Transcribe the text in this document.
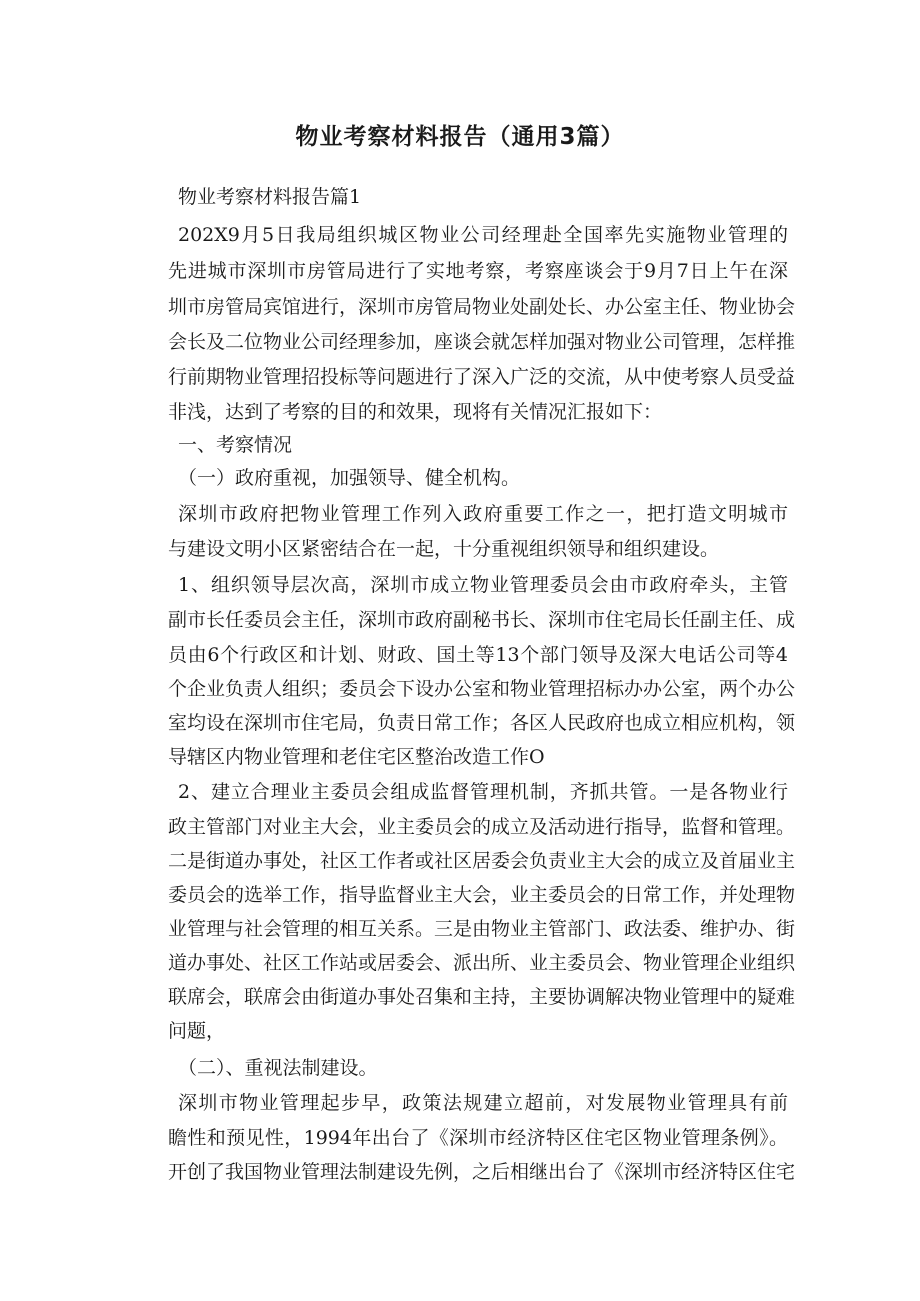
物业考察材料报告（通用3篇）

物业考察材料报告篇1

202X9月5日我局组织城区物业公司经理赴全国率先实施物业管理的

先进城市深圳市房管局进行了实地考察，考察座谈会于9月7日上午在深

圳市房管局宾馆进行，深圳市房管局物业处副处长、办公室主任、物业协会

会长及二位物业公司经理参加，座谈会就怎样加强对物业公司管理，怎样推

行前期物业管理招投标等问题进行了深入广泛的交流，从中使考察人员受益

非浅，达到了考察的目的和效果，现将有关情况汇报如下：

一、考察情况

（一）政府重视，加强领导、健全机构。

深圳市政府把物业管理工作列入政府重要工作之一，把打造文明城市

与建设文明小区紧密结合在一起，十分重视组织领导和组织建设。

1、组织领导层次高，深圳市成立物业管理委员会由市政府牵头，主管

副市长任委员会主任，深圳市政府副秘书长、深圳市住宅局长任副主任、成

员由6个行政区和计划、财政、国土等13个部门领导及深大电话公司等4

个企业负责人组织；委员会下设办公室和物业管理招标办办公室，两个办公

室均设在深圳市住宅局，负责日常工作；各区人民政府也成立相应机构，领

导辖区内物业管理和老住宅区整治改造工作O

2、建立合理业主委员会组成监督管理机制，齐抓共管。一是各物业行

政主管部门对业主大会，业主委员会的成立及活动进行指导，监督和管理。

二是街道办事处，社区工作者或社区居委会负责业主大会的成立及首届业主

委员会的选举工作，指导监督业主大会，业主委员会的日常工作，并处理物

业管理与社会管理的相互关系。三是由物业主管部门、政法委、维护办、街

道办事处、社区工作站或居委会、派出所、业主委员会、物业管理企业组织

联席会，联席会由街道办事处召集和主持，主要协调解决物业管理中的疑难

问题，

（二）、重视法制建设。

深圳市物业管理起步早，政策法规建立超前，对发展物业管理具有前

瞻性和预见性，1994年出台了《深圳市经济特区住宅区物业管理条例》。

开创了我国物业管理法制建设先例，之后相继出台了《深圳市经济特区住宅
